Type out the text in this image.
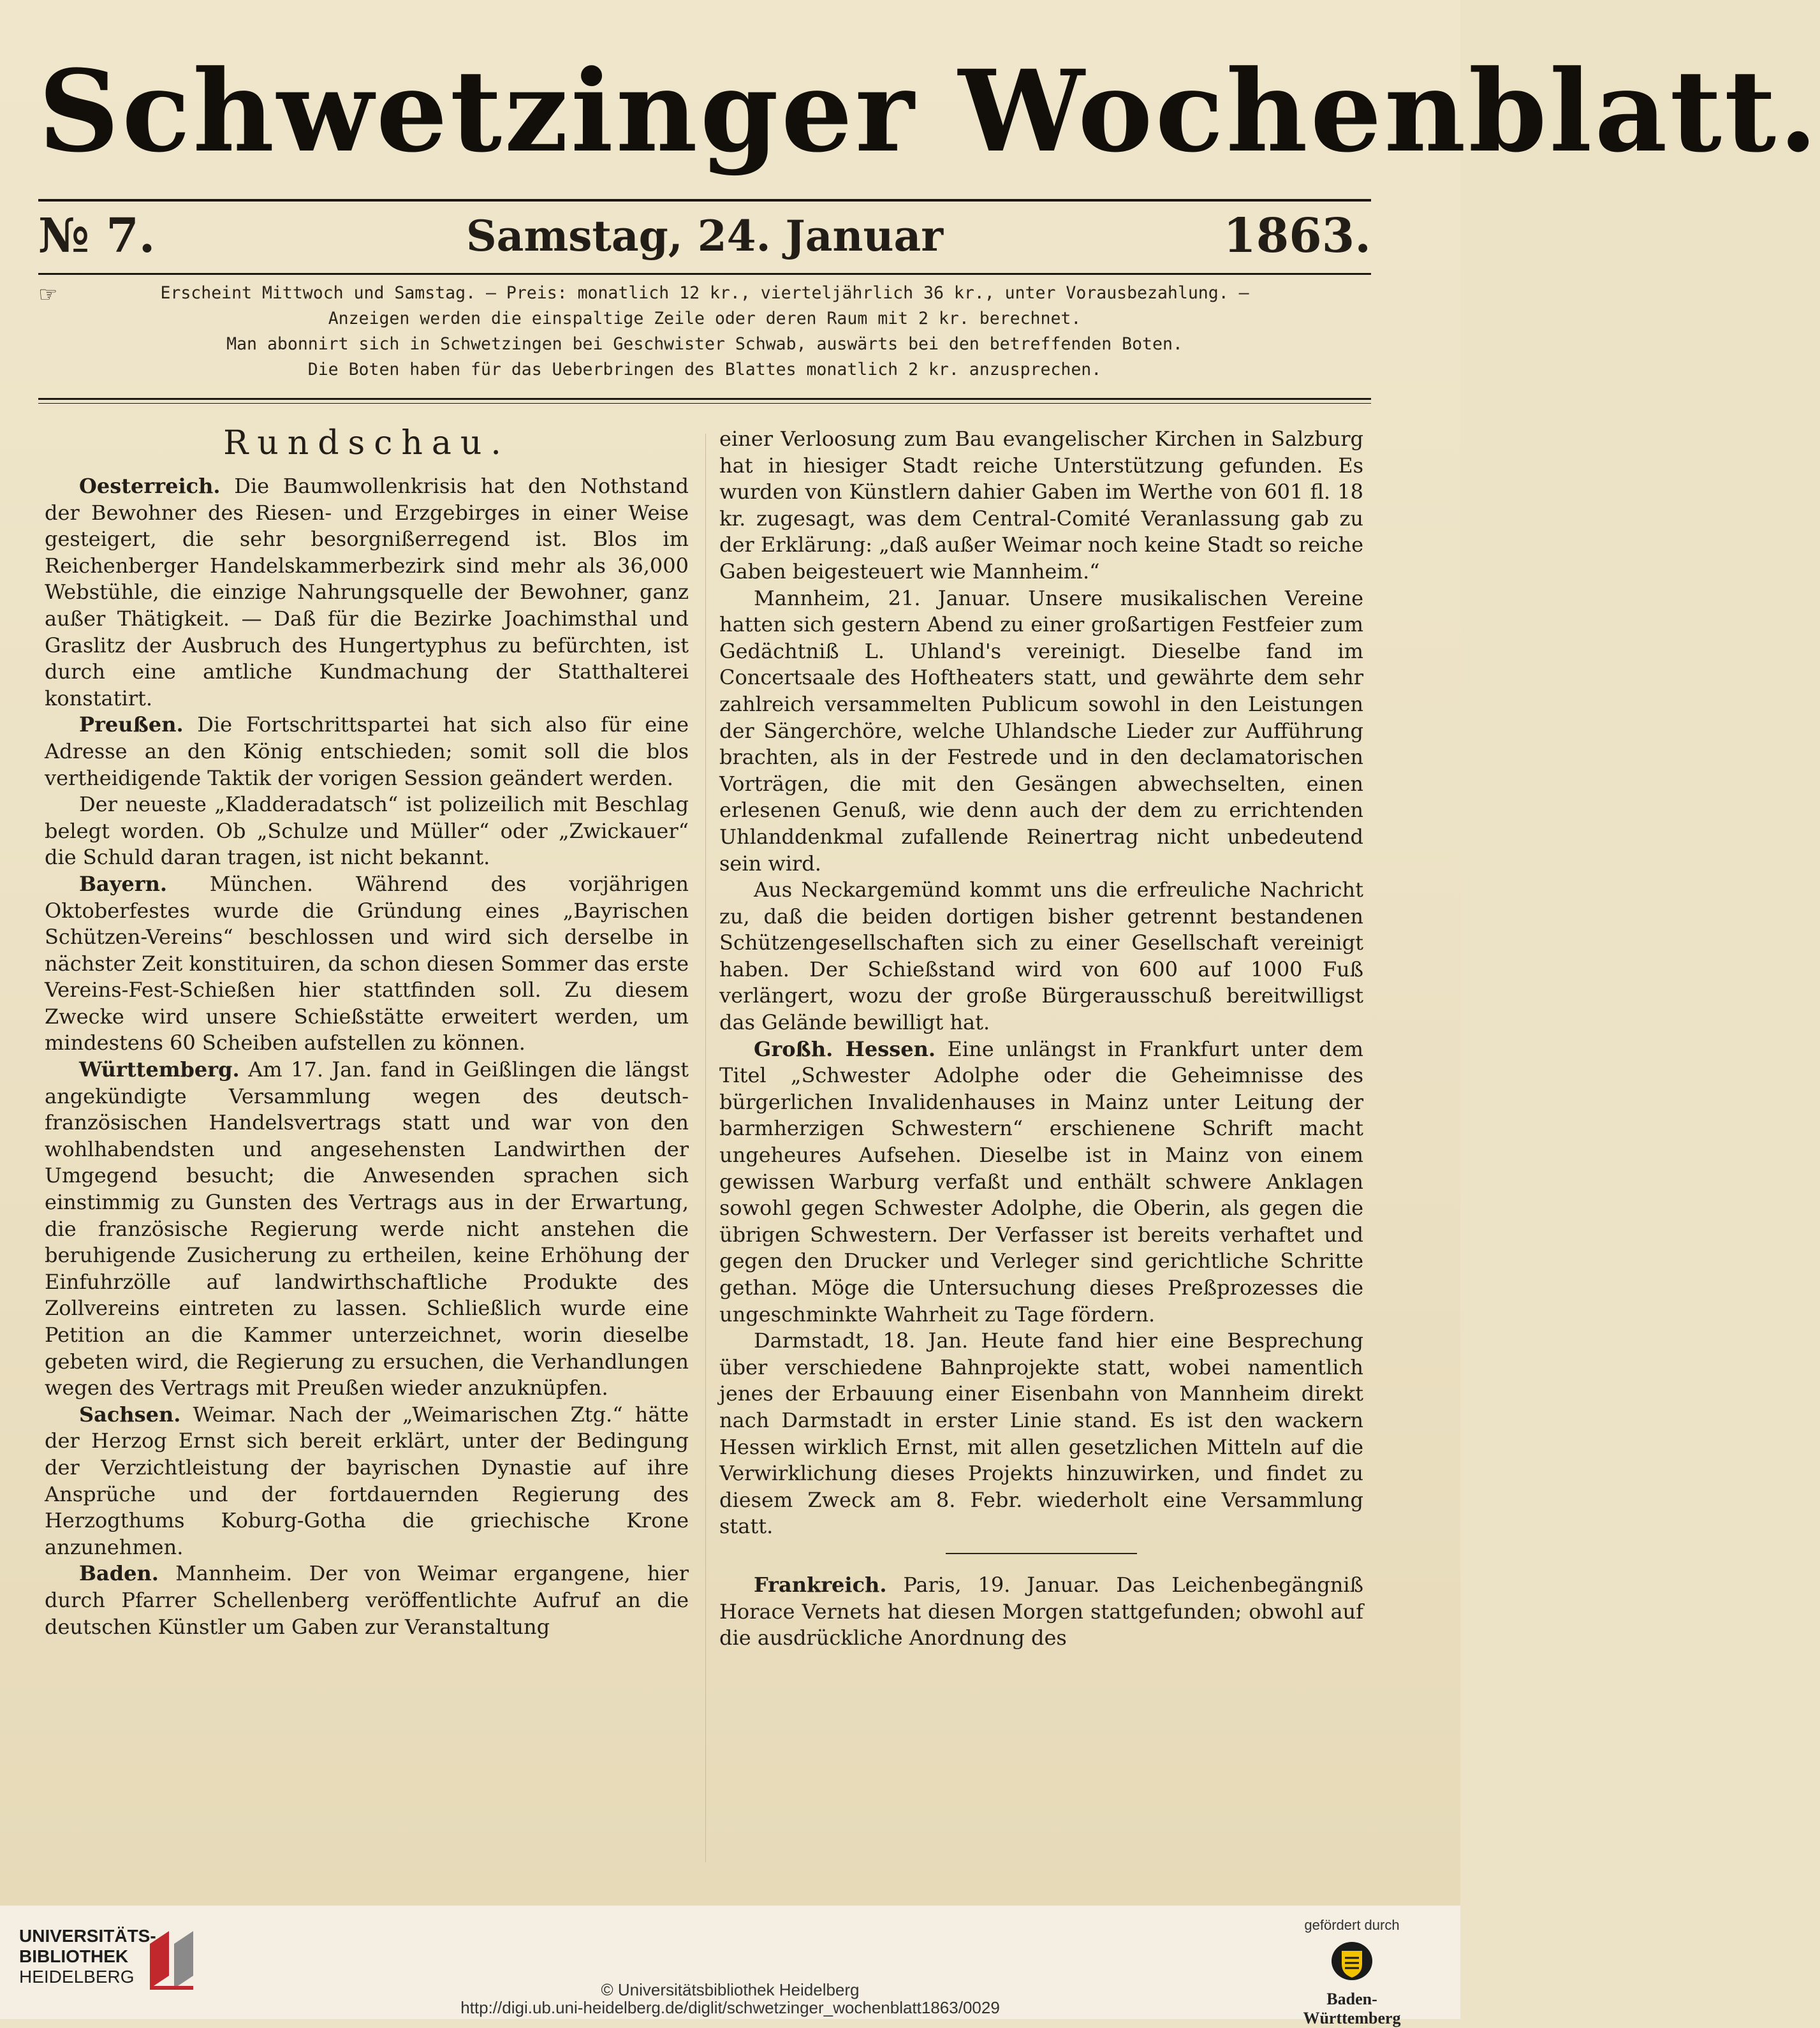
Schwetzinger Wochenblatt.
№ 7.	Samstag, 24. Januar	1863.
☞	Erscheint Mittwoch und Samstag. — Preis: monatlich 12 kr., vierteljährlich 36 kr., unter Vorausbezahlung. —
Anzeigen werden die einspaltige Zeile oder deren Raum mit 2 kr. berechnet.
Man abonnirt sich in Schwetzingen bei Geschwister Schwab, auswärts bei den betreffenden Boten.
Die Boten haben für das Ueberbringen des Blattes monatlich 2 kr. anzusprechen.
Rundschau.

Oesterreich. Die Baumwollenkrisis hat den Nothstand der Bewohner des Riesen- und Erzgebirges in einer Weise gesteigert, die sehr besorgnißerregend ist. Blos im Reichenberger Handelskammerbezirk sind mehr als 36,000 Webstühle, die einzige Nahrungsquelle der Bewohner, ganz außer Thätigkeit. — Daß für die Bezirke Joachimsthal und Graslitz der Ausbruch des Hungertyphus zu befürchten, ist durch eine amtliche Kundmachung der Statthalterei konstatirt.

Preußen. Die Fortschrittspartei hat sich also für eine Adresse an den König entschieden; somit soll die blos vertheidigende Taktik der vorigen Session geändert werden.

Der neueste „Kladderadatsch“ ist polizeilich mit Beschlag belegt worden. Ob „Schulze und Müller“ oder „Zwickauer“ die Schuld daran tragen, ist nicht bekannt.

Bayern. München. Während des vorjährigen Oktoberfestes wurde die Gründung eines „Bayrischen Schützen-Vereins“ beschlossen und wird sich derselbe in nächster Zeit konstituiren, da schon diesen Sommer das erste Vereins-Fest-Schießen hier stattfinden soll. Zu diesem Zwecke wird unsere Schießstätte erweitert werden, um mindestens 60 Scheiben aufstellen zu können.

Württemberg. Am 17. Jan. fand in Geißlingen die längst angekündigte Versammlung wegen des deutsch-französischen Handelsvertrags statt und war von den wohlhabendsten und angesehensten Landwirthen der Umgegend besucht; die Anwesenden sprachen sich einstimmig zu Gunsten des Vertrags aus in der Erwartung, die französische Regierung werde nicht anstehen die beruhigende Zusicherung zu ertheilen, keine Erhöhung der Einfuhrzölle auf landwirthschaftliche Produkte des Zollvereins eintreten zu lassen. Schließlich wurde eine Petition an die Kammer unterzeichnet, worin dieselbe gebeten wird, die Regierung zu ersuchen, die Verhandlungen wegen des Vertrags mit Preußen wieder anzuknüpfen.

Sachsen. Weimar. Nach der „Weimarischen Ztg.“ hätte der Herzog Ernst sich bereit erklärt, unter der Bedingung der Verzichtleistung der bayrischen Dynastie auf ihre Ansprüche und der fortdauernden Regierung des Herzogthums Koburg-Gotha die griechische Krone anzunehmen.

Baden. Mannheim. Der von Weimar ergangene, hier durch Pfarrer Schellenberg veröffentlichte Aufruf an die deutschen Künstler um Gaben zur Veranstaltung

einer Verloosung zum Bau evangelischer Kirchen in Salzburg hat in hiesiger Stadt reiche Unterstützung gefunden. Es wurden von Künstlern dahier Gaben im Werthe von 601 fl. 18 kr. zugesagt, was dem Central-Comité Veranlassung gab zu der Erklärung: „daß außer Weimar noch keine Stadt so reiche Gaben beigesteuert wie Mannheim.“

Mannheim, 21. Januar. Unsere musikalischen Vereine hatten sich gestern Abend zu einer großartigen Festfeier zum Gedächtniß L. Uhland's vereinigt. Dieselbe fand im Concertsaale des Hoftheaters statt, und gewährte dem sehr zahlreich versammelten Publicum sowohl in den Leistungen der Sängerchöre, welche Uhlandsche Lieder zur Aufführung brachten, als in der Festrede und in den declamatorischen Vorträgen, die mit den Gesängen abwechselten, einen erlesenen Genuß, wie denn auch der dem zu errichtenden Uhlanddenkmal zufallende Reinertrag nicht unbedeutend sein wird.

Aus Neckargemünd kommt uns die erfreuliche Nachricht zu, daß die beiden dortigen bisher getrennt bestandenen Schützengesellschaften sich zu einer Gesellschaft vereinigt haben. Der Schießstand wird von 600 auf 1000 Fuß verlängert, wozu der große Bürgerausschuß bereitwilligst das Gelände bewilligt hat.

Großh. Hessen. Eine unlängst in Frankfurt unter dem Titel „Schwester Adolphe oder die Geheimnisse des bürgerlichen Invalidenhauses in Mainz unter Leitung der barmherzigen Schwestern“ erschienene Schrift macht ungeheures Aufsehen. Dieselbe ist in Mainz von einem gewissen Warburg verfaßt und enthält schwere Anklagen sowohl gegen Schwester Adolphe, die Oberin, als gegen die übrigen Schwestern. Der Verfasser ist bereits verhaftet und gegen den Drucker und Verleger sind gerichtliche Schritte gethan. Möge die Untersuchung dieses Preßprozesses die ungeschminkte Wahrheit zu Tage fördern.

Darmstadt, 18. Jan. Heute fand hier eine Besprechung über verschiedene Bahnprojekte statt, wobei namentlich jenes der Erbauung einer Eisenbahn von Mannheim direkt nach Darmstadt in erster Linie stand. Es ist den wackern Hessen wirklich Ernst, mit allen gesetzlichen Mitteln auf die Verwirklichung dieses Projekts hinzuwirken, und findet zu diesem Zweck am 8. Febr. wiederholt eine Versammlung statt.

Frankreich. Paris, 19. Januar. Das Leichenbegängniß Horace Vernets hat diesen Morgen stattgefunden; obwohl auf die ausdrückliche Anordnung des

UNIVERSITÄTS-
BIBLIOTHEK
HEIDELBERG
© Universitätsbibliothek Heidelberg
http://digi.ub.uni-heidelberg.de/diglit/schwetzinger_wochenblatt1863/0029
gefördert durch
Baden-Württemberg
